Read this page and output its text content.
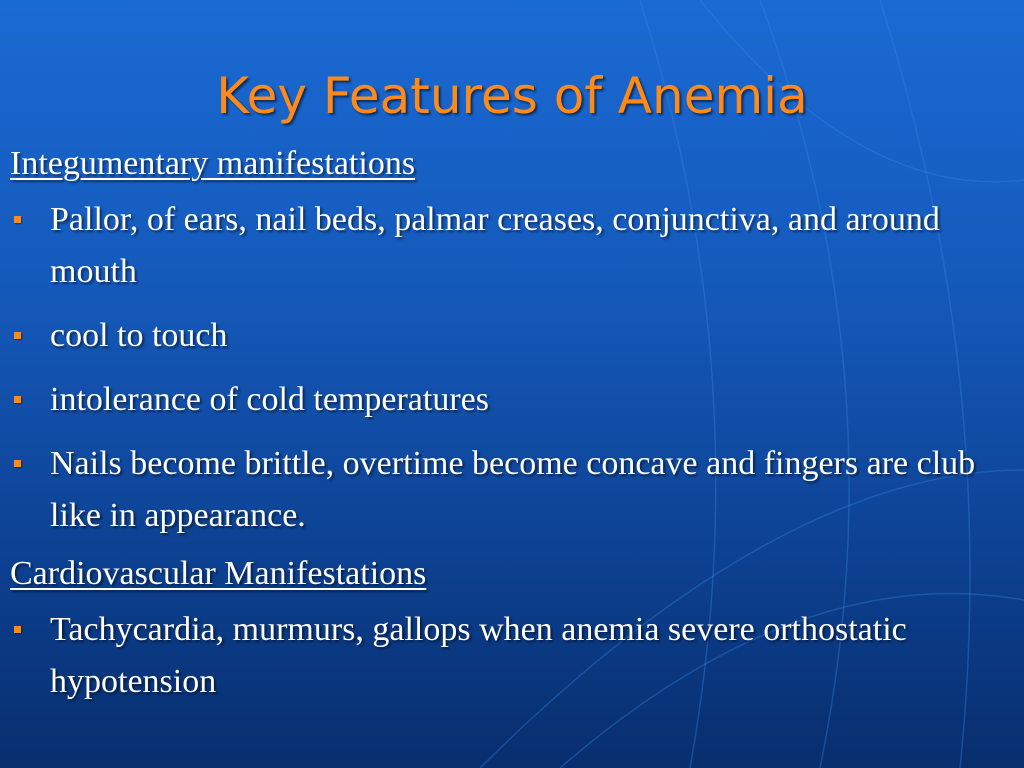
Key Features of Anemia
Integumentary manifestations
Pallor, of ears, nail beds, palmar creases, conjunctiva, and around mouth
cool to touch
intolerance of cold temperatures
Nails become brittle, overtime become concave and fingers are club like in appearance.
Cardiovascular Manifestations
Tachycardia, murmurs, gallops when anemia severe orthostatic hypotension
